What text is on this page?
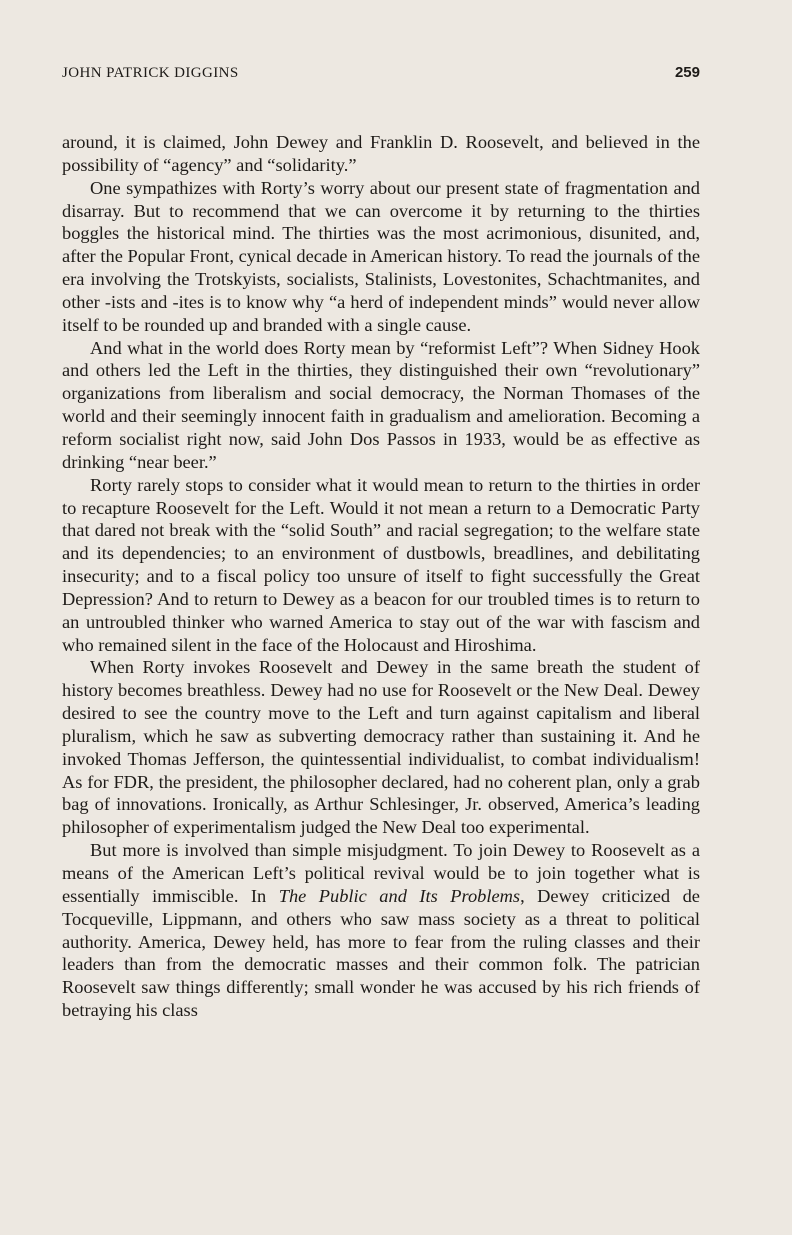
JOHN PATRICK DIGGINS	259

around, it is claimed, John Dewey and Franklin D. Roosevelt, and believed in the possibility of “agency” and “solidarity.”

One sympathizes with Rorty’s worry about our present state of fragmentation and disarray. But to recommend that we can overcome it by returning to the thirties boggles the historical mind. The thirties was the most acrimonious, disunited, and, after the Popular Front, cynical decade in American history. To read the journals of the era involving the Trotskyists, socialists, Stalinists, Lovestonites, Schachtmanites, and other -ists and -ites is to know why “a herd of independent minds” would never allow itself to be rounded up and branded with a single cause.

And what in the world does Rorty mean by “reformist Left”? When Sidney Hook and others led the Left in the thirties, they distinguished their own “revolutionary” organizations from liberalism and social democracy, the Norman Thomases of the world and their seemingly innocent faith in gradualism and amelioration. Becoming a reform socialist right now, said John Dos Passos in 1933, would be as effective as drinking “near beer.”

Rorty rarely stops to consider what it would mean to return to the thirties in order to recapture Roosevelt for the Left. Would it not mean a return to a Democratic Party that dared not break with the “solid South” and racial segregation; to the welfare state and its dependencies; to an environment of dustbowls, breadlines, and debilitating insecurity; and to a fiscal policy too unsure of itself to fight successfully the Great Depression? And to return to Dewey as a beacon for our troubled times is to return to an untroubled thinker who warned America to stay out of the war with fascism and who remained silent in the face of the Holocaust and Hiroshima.

When Rorty invokes Roosevelt and Dewey in the same breath the student of history becomes breathless. Dewey had no use for Roosevelt or the New Deal. Dewey desired to see the country move to the Left and turn against capitalism and liberal pluralism, which he saw as subverting democracy rather than sustaining it. And he invoked Thomas Jefferson, the quintessential individualist, to combat individualism! As for FDR, the president, the philosopher declared, had no coherent plan, only a grab bag of innovations. Ironically, as Arthur Schlesinger, Jr. observed, America’s leading philosopher of experimentalism judged the New Deal too experimental.

But more is involved than simple misjudgment. To join Dewey to Roosevelt as a means of the American Left’s political revival would be to join together what is essentially immiscible. In The Public and Its Problems, Dewey criticized de Tocqueville, Lippmann, and others who saw mass society as a threat to political authority. America, Dewey held, has more to fear from the ruling classes and their leaders than from the democratic masses and their common folk. The patrician Roosevelt saw things differently; small wonder he was accused by his rich friends of betraying his class
